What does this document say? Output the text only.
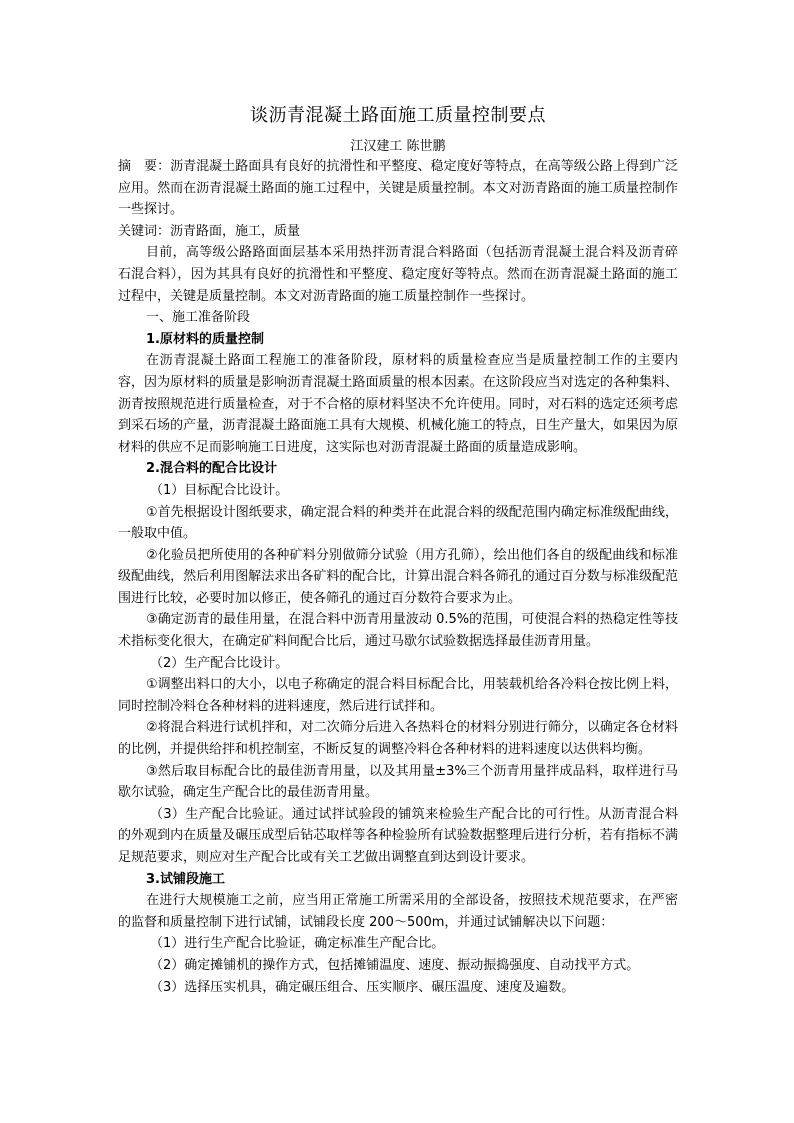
谈沥青混凝土路面施工质量控制要点
江汉建工 陈世鹏

摘　要：沥青混凝土路面具有良好的抗滑性和平整度、稳定度好等特点，在高等级公路上得到广泛应用。然而在沥青混凝土路面的施工过程中，关键是质量控制。本文对沥青路面的施工质量控制作一些探讨。

关键词：沥青路面，施工，质量

目前，高等级公路路面面层基本采用热拌沥青混合料路面（包括沥青混凝土混合料及沥青碎石混合料），因为其具有良好的抗滑性和平整度、稳定度好等特点。然而在沥青混凝土路面的施工过程中，关键是质量控制。本文对沥青路面的施工质量控制作一些探讨。

一、施工准备阶段

1.原材料的质量控制

在沥青混凝土路面工程施工的准备阶段，原材料的质量检查应当是质量控制工作的主要内容，因为原材料的质量是影响沥青混凝土路面质量的根本因素。在这阶段应当对选定的各种集料、沥青按照规范进行质量检查，对于不合格的原材料坚决不允许使用。同时，对石料的选定还须考虑到采石场的产量，沥青混凝土路面施工具有大规模、机械化施工的特点，日生产量大，如果因为原材料的供应不足而影响施工日进度，这实际也对沥青混凝土路面的质量造成影响。

2.混合料的配合比设计

（1）目标配合比设计。

①首先根据设计图纸要求，确定混合料的种类并在此混合料的级配范围内确定标准级配曲线，一般取中值。

②化验员把所使用的各种矿料分别做筛分试验（用方孔筛），绘出他们各自的级配曲线和标准级配曲线，然后利用图解法求出各矿料的配合比，计算出混合料各筛孔的通过百分数与标准级配范围进行比较，必要时加以修正，使各筛孔的通过百分数符合要求为止。

③确定沥青的最佳用量，在混合料中沥青用量波动 0.5%的范围，可使混合料的热稳定性等技术指标变化很大，在确定矿料间配合比后，通过马歇尔试验数据选择最佳沥青用量。

（2）生产配合比设计。

①调整出料口的大小，以电子称确定的混合料目标配合比，用装载机给各冷料仓按比例上料，同时控制冷料仓各种材料的进料速度，然后进行试拌和。

②将混合料进行试机拌和，对二次筛分后进入各热料仓的材料分别进行筛分，以确定各仓材料的比例，并提供给拌和机控制室，不断反复的调整冷料仓各种材料的进料速度以达供料均衡。

③然后取目标配合比的最佳沥青用量，以及其用量±3%三个沥青用量拌成品料，取样进行马歇尔试验，确定生产配合比的最佳沥青用量。

（3）生产配合比验证。通过试拌试验段的铺筑来检验生产配合比的可行性。从沥青混合料的外观到内在质量及碾压成型后钻芯取样等各种检验所有试验数据整理后进行分析，若有指标不满足规范要求，则应对生产配合比或有关工艺做出调整直到达到设计要求。

3.试铺段施工

在进行大规模施工之前，应当用正常施工所需采用的全部设备，按照技术规范要求，在严密的监督和质量控制下进行试铺，试铺段长度 200～500m，并通过试铺解决以下问题：

（1）进行生产配合比验证，确定标准生产配合比。

（2）确定摊铺机的操作方式，包括摊铺温度、速度、振动振捣强度、自动找平方式。

（3）选择压实机具，确定碾压组合、压实顺序、碾压温度、速度及遍数。
